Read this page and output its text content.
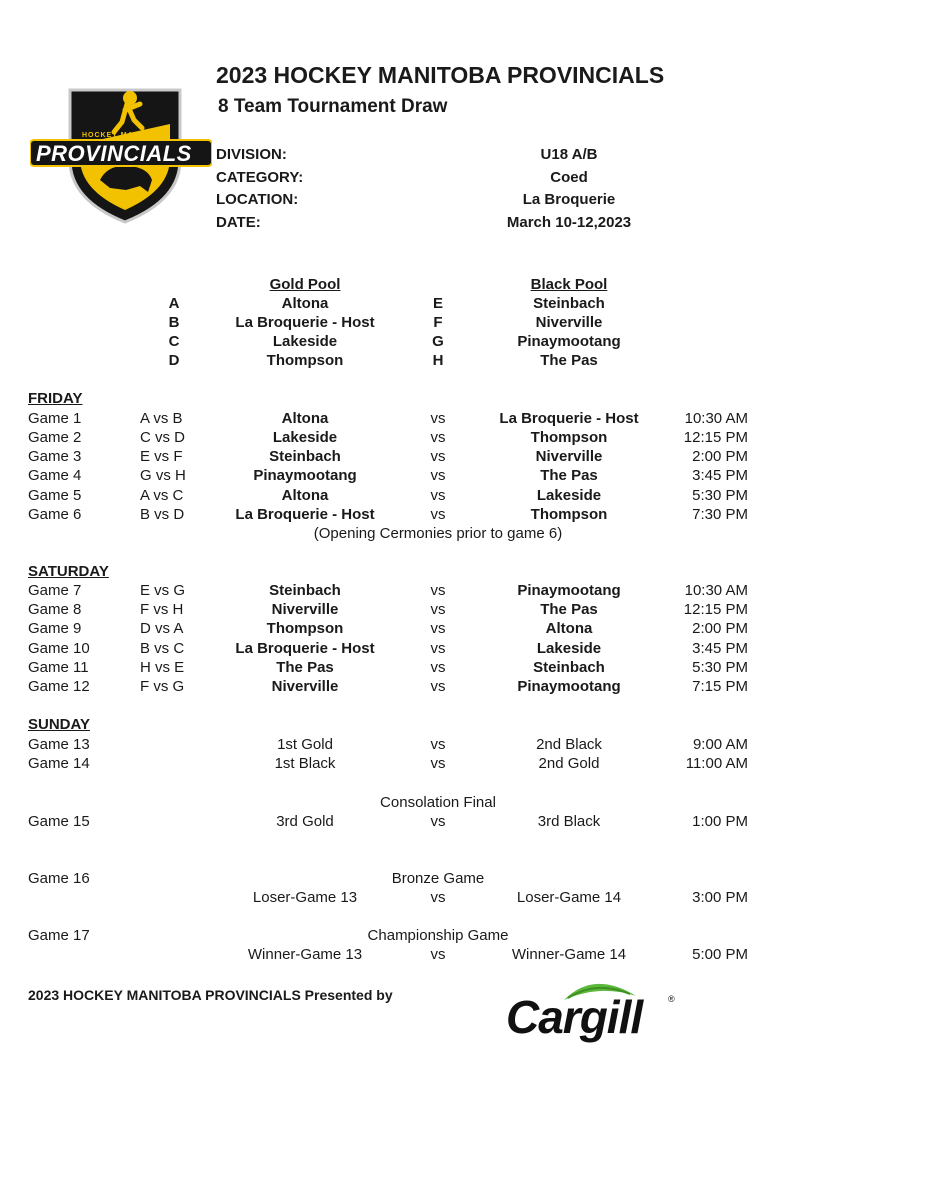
HOCKEY MANITOBA
PROVINCIALS
2023 HOCKEY MANITOBA PROVINCIALS
8 Team Tournament Draw
DIVISION:	U18 A/B
CATEGORY:	Coed
LOCATION:	La Broquerie
DATE:	March 10-12,2023
Gold Pool	Black Pool
A	Altona	E	Steinbach
B	La Broquerie - Host	F	Niverville
C	Lakeside	G	Pinaymootang
D	Thompson	H	The Pas
FRIDAY
Game 1	A vs B	Altona	vs	La Broquerie - Host	10:30 AM
Game 2	C vs D	Lakeside	vs	Thompson	12:15 PM
Game 3	E vs F	Steinbach	vs	Niverville	2:00 PM
Game 4	G vs H	Pinaymootang	vs	The Pas	3:45 PM
Game 5	A vs C	Altona	vs	Lakeside	5:30 PM
Game 6	B vs D	La Broquerie - Host	vs	Thompson	7:30 PM
(Opening Cermonies prior to game 6)
SATURDAY
Game 7	E vs G	Steinbach	vs	Pinaymootang	10:30 AM
Game 8	F vs H	Niverville	vs	The Pas	12:15 PM
Game 9	D vs A	Thompson	vs	Altona	2:00 PM
Game 10	B vs C	La Broquerie - Host	vs	Lakeside	3:45 PM
Game 11	H vs E	The Pas	vs	Steinbach	5:30 PM
Game 12	F vs G	Niverville	vs	Pinaymootang	7:15 PM
SUNDAY
Game 13	1st Gold	vs	2nd Black	9:00 AM
Game 14	1st Black	vs	2nd Gold	11:00 AM
Consolation Final
Game 15	3rd Gold	vs	3rd Black	1:00 PM
Game 16	Bronze Game
Loser-Game 13	vs	Loser-Game 14	3:00 PM
Game 17	Championship Game
Winner-Game 13	vs	Winner-Game 14	5:00 PM
2023 HOCKEY MANITOBA PROVINCIALS Presented by Cargill	®
